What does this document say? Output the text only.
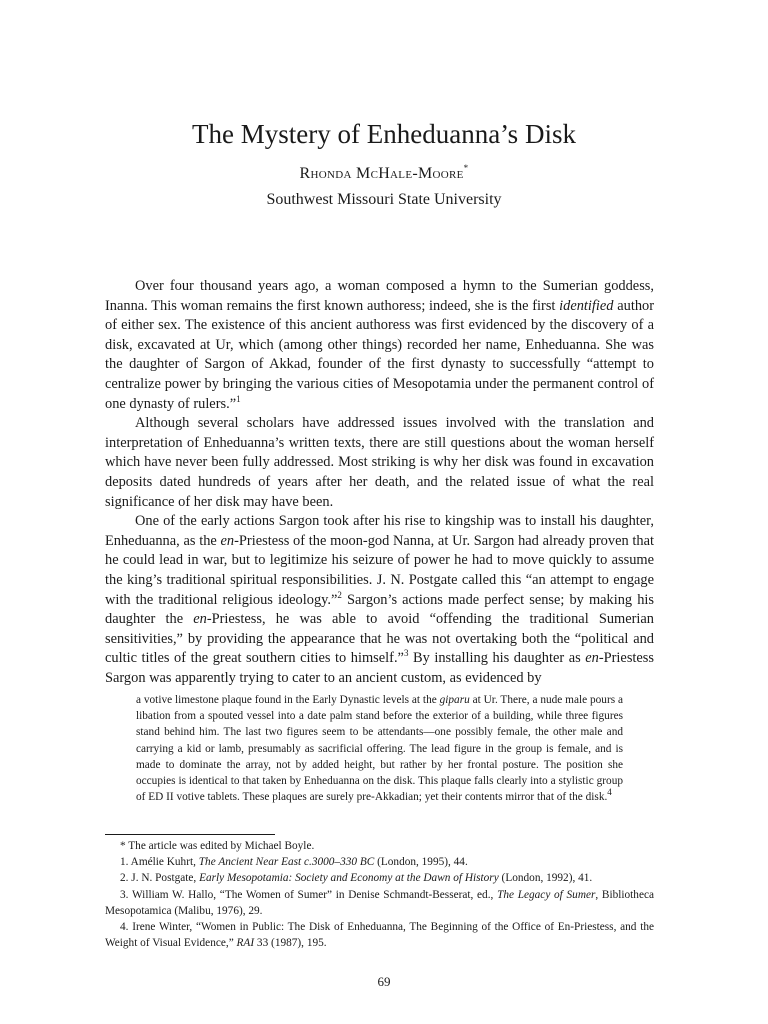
The Mystery of Enheduanna’s Disk
Rhonda McHale-Moore*
Southwest Missouri State University

Over four thousand years ago, a woman composed a hymn to the Sumerian goddess, Inanna. This woman remains the first known authoress; indeed, she is the first identified author of either sex. The existence of this ancient authoress was first evidenced by the discovery of a disk, excavated at Ur, which (among other things) recorded her name, Enheduanna. She was the daughter of Sargon of Akkad, founder of the first dynasty to successfully “attempt to centralize power by bringing the various cities of Mesopotamia under the permanent control of one dynasty of rulers.”$^1$

Although several scholars have addressed issues involved with the translation and interpretation of Enheduanna’s written texts, there are still questions about the woman herself which have never been fully addressed. Most striking is why her disk was found in excavation deposits dated hundreds of years after her death, and the related issue of what the real significance of her disk may have been.

One of the early actions Sargon took after his rise to kingship was to install his daughter, Enheduanna, as the en-Priestess of the moon-god Nanna, at Ur. Sargon had already proven that he could lead in war, but to legitimize his seizure of power he had to move quickly to assume the king’s traditional spiritual responsibilities. J. N. Postgate called this “an attempt to engage with the traditional religious ideology.”$^2$ Sargon’s actions made perfect sense; by making his daughter the en-Priestess, he was able to avoid “offending the traditional Sumerian sensitivities,” by providing the appearance that he was not overtaking both the “political and cultic titles of the great southern cities to himself.”$^3$ By installing his daughter as en-Priestess Sargon was apparently trying to cater to an ancient custom, as evidenced by

a votive limestone plaque found in the Early Dynastic levels at the giparu at Ur. There, a nude male pours a libation from a spouted vessel into a date palm stand before the exterior of a building, while three figures stand behind him. The last two figures seem to be attendants—one possibly female, the other male and carrying a kid or lamb, presumably as sacrificial offering. The lead figure in the group is female, and is made to dominate the array, not by added height, but rather by her frontal posture. The position she occupies is identical to that taken by Enheduanna on the disk. This plaque falls clearly into a stylistic group of ED II votive tablets. These plaques are surely pre-Akkadian; yet their contents mirror that of the disk.$^4$

* The article was edited by Michael Boyle.

1. Amélie Kuhrt, The Ancient Near East c.3000–330 BC (London, 1995), 44.

2. J. N. Postgate, Early Mesopotamia: Society and Economy at the Dawn of History (London, 1992), 41.

3. William W. Hallo, “The Women of Sumer” in Denise Schmandt-Besserat, ed., The Legacy of Sumer, Bibliotheca Mesopotamica (Malibu, 1976), 29.

4. Irene Winter, “Women in Public: The Disk of Enheduanna, The Beginning of the Office of En-Priestess, and the Weight of Visual Evidence,” RAI 33 (1987), 195.

69
